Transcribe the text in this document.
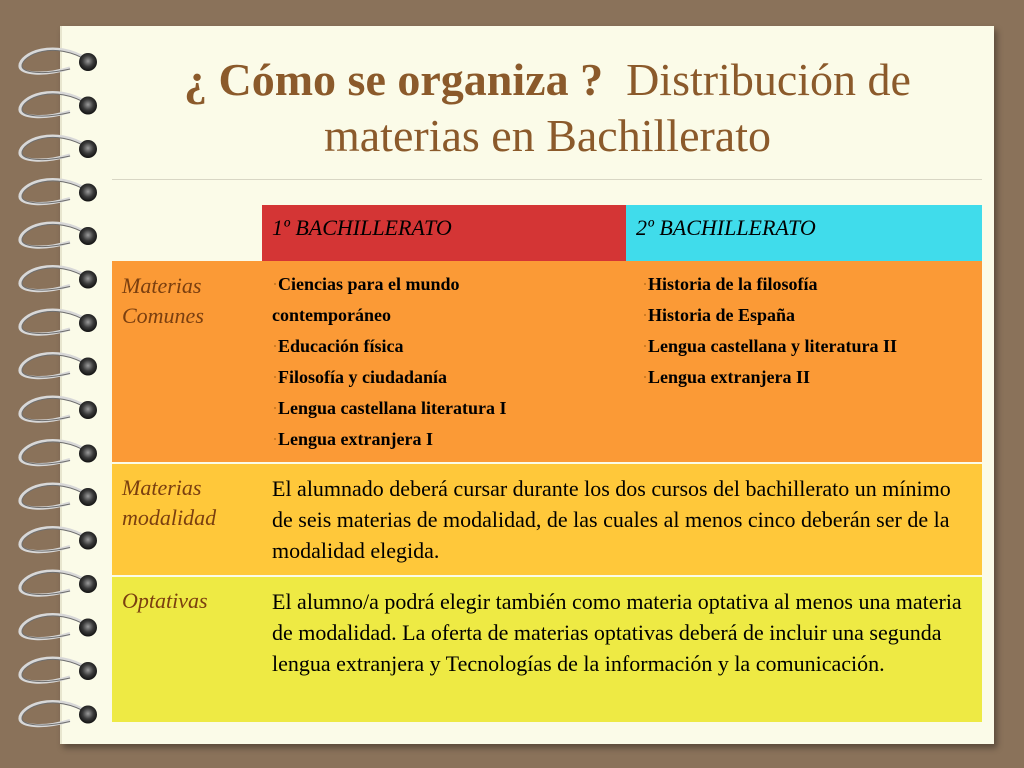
¿ Cómo se organiza ? Distribución de materias en Bachillerato
1º BACHILLERATO	2º BACHILLERATO
Materias Comunes
·Ciencias para el mundo
contemporáneo
·Educación física
·Filosofía y ciudadanía
·Lengua castellana literatura I
·Lengua extranjera I
·Historia de la filosofía
·Historia de España
·Lengua castellana y literatura II
·Lengua extranjera II
Materias modalidad
El alumnado deberá cursar durante los dos cursos del bachillerato un mínimo de seis materias de modalidad, de las cuales al menos cinco deberán ser de la modalidad elegida.
Optativas	El alumno/a podrá elegir también como materia optativa al menos una materia de modalidad. La oferta de materias optativas deberá de incluir una segunda lengua extranjera y Tecnologías de la información y la comunicación.
